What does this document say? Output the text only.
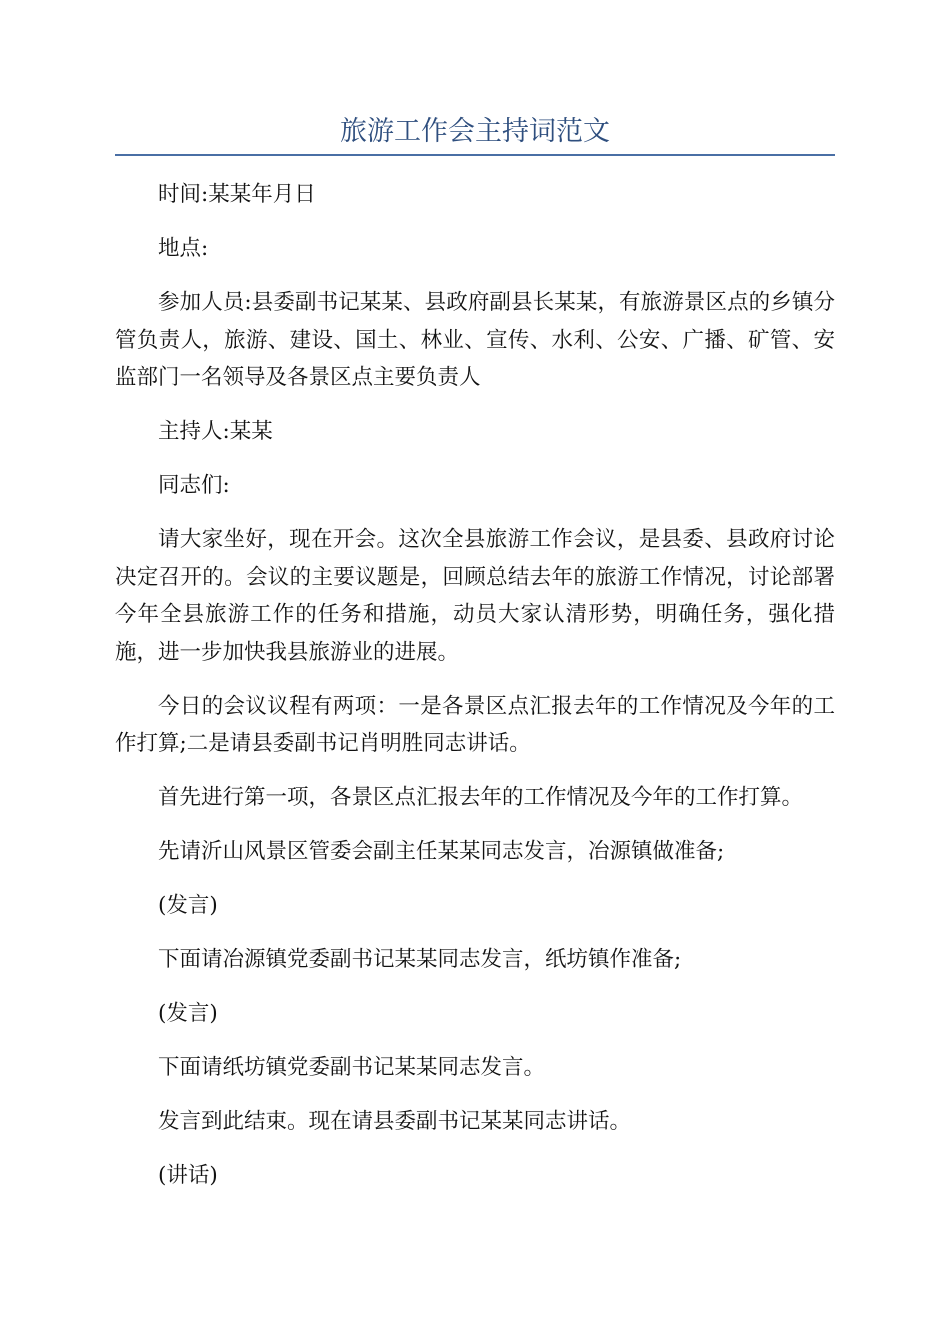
旅游工作会主持词范文

时间:某某年月日

地点:

参加人员:县委副书记某某、县政府副县长某某，有旅游景区点的乡镇分管负责人，旅游、建设、国土、林业、宣传、水利、公安、广播、矿管、安监部门一名领导及各景区点主要负责人

主持人:某某

同志们:

请大家坐好，现在开会。这次全县旅游工作会议，是县委、县政府讨论决定召开的。会议的主要议题是，回顾总结去年的旅游工作情况，讨论部署今年全县旅游工作的任务和措施，动员大家认清形势，明确任务，强化措施，进一步加快我县旅游业的进展。

今日的会议议程有两项：一是各景区点汇报去年的工作情况及今年的工作打算;二是请县委副书记肖明胜同志讲话。

首先进行第一项，各景区点汇报去年的工作情况及今年的工作打算。

先请沂山风景区管委会副主任某某同志发言，冶源镇做准备;

(发言)

下面请冶源镇党委副书记某某同志发言，纸坊镇作准备;

(发言)

下面请纸坊镇党委副书记某某同志发言。

发言到此结束。现在请县委副书记某某同志讲话。

(讲话)
